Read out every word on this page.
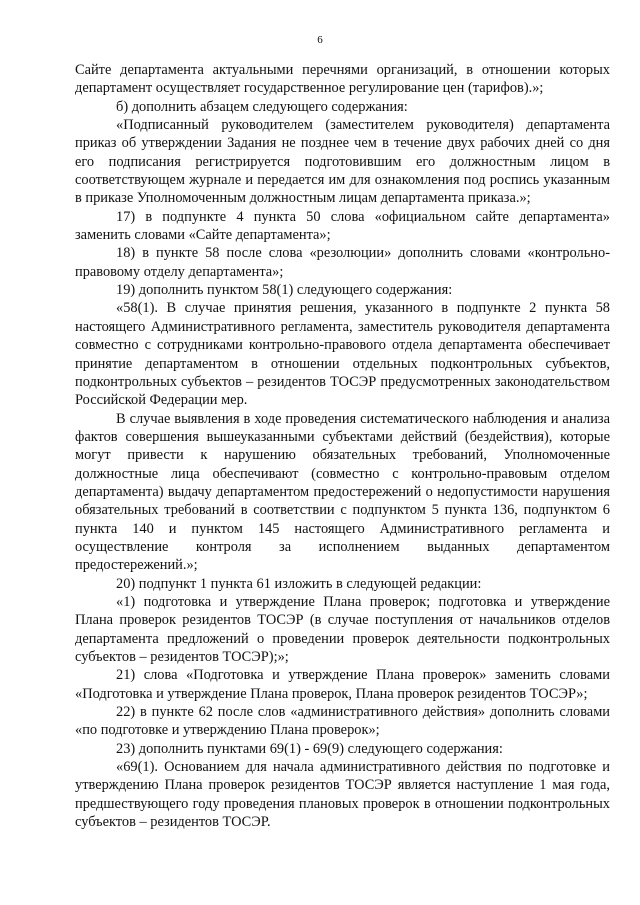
6

Сайте департамента актуальными перечнями организаций, в отношении которых департамент осуществляет государственное регулирование цен (тарифов).»;

б) дополнить абзацем следующего содержания:

«Подписанный руководителем (заместителем руководителя) департамента приказ об утверждении Задания не позднее чем в течение двух рабочих дней со дня его подписания регистрируется подготовившим его должностным лицом в соответствующем журнале и передается им для ознакомления под роспись указанным в приказе Уполномоченным должностным лицам департамента приказа.»;

17) в подпункте 4 пункта 50 слова «официальном сайте департамента» заменить словами «Сайте департамента»;

18) в пункте 58 после слова «резолюции» дополнить словами «контрольно-правовому отделу департамента»;

19) дополнить пунктом 58(1) следующего содержания:

«58(1). В случае принятия решения, указанного в подпункте 2 пункта 58 настоящего Административного регламента, заместитель руководителя департамента совместно с сотрудниками контрольно-правового отдела департамента обеспечивает принятие департаментом в отношении отдельных подконтрольных субъектов, подконтрольных субъектов – резидентов ТОСЭР предусмотренных законодательством Российской Федерации мер.

В случае выявления в ходе проведения систематического наблюдения и анализа фактов совершения вышеуказанными субъектами действий (бездействия), которые могут привести к нарушению обязательных требований, Уполномоченные должностные лица обеспечивают (совместно с контрольно-правовым отделом департамента) выдачу департаментом предостережений о недопустимости нарушения обязательных требований в соответствии с подпунктом 5 пункта 136, подпунктом 6 пункта 140 и пунктом 145 настоящего Административного регламента и осуществление контроля за исполнением выданных департаментом предостережений.»;

20) подпункт 1 пункта 61 изложить в следующей редакции:

«1) подготовка и утверждение Плана проверок; подготовка и утверждение Плана проверок резидентов ТОСЭР (в случае поступления от начальников отделов департамента предложений о проведении проверок деятельности подконтрольных субъектов – резидентов ТОСЭР);»;

21) слова «Подготовка и утверждение Плана проверок» заменить словами «Подготовка и утверждение Плана проверок, Плана проверок резидентов ТОСЭР»;

22) в пункте 62 после слов «административного действия» дополнить словами «по подготовке и утверждению Плана проверок»;

23) дополнить пунктами 69(1) - 69(9) следующего содержания:

«69(1). Основанием для начала административного действия по подготовке и утверждению Плана проверок резидентов ТОСЭР является наступление 1 мая года, предшествующего году проведения плановых проверок в отношении подконтрольных субъектов – резидентов ТОСЭР.
